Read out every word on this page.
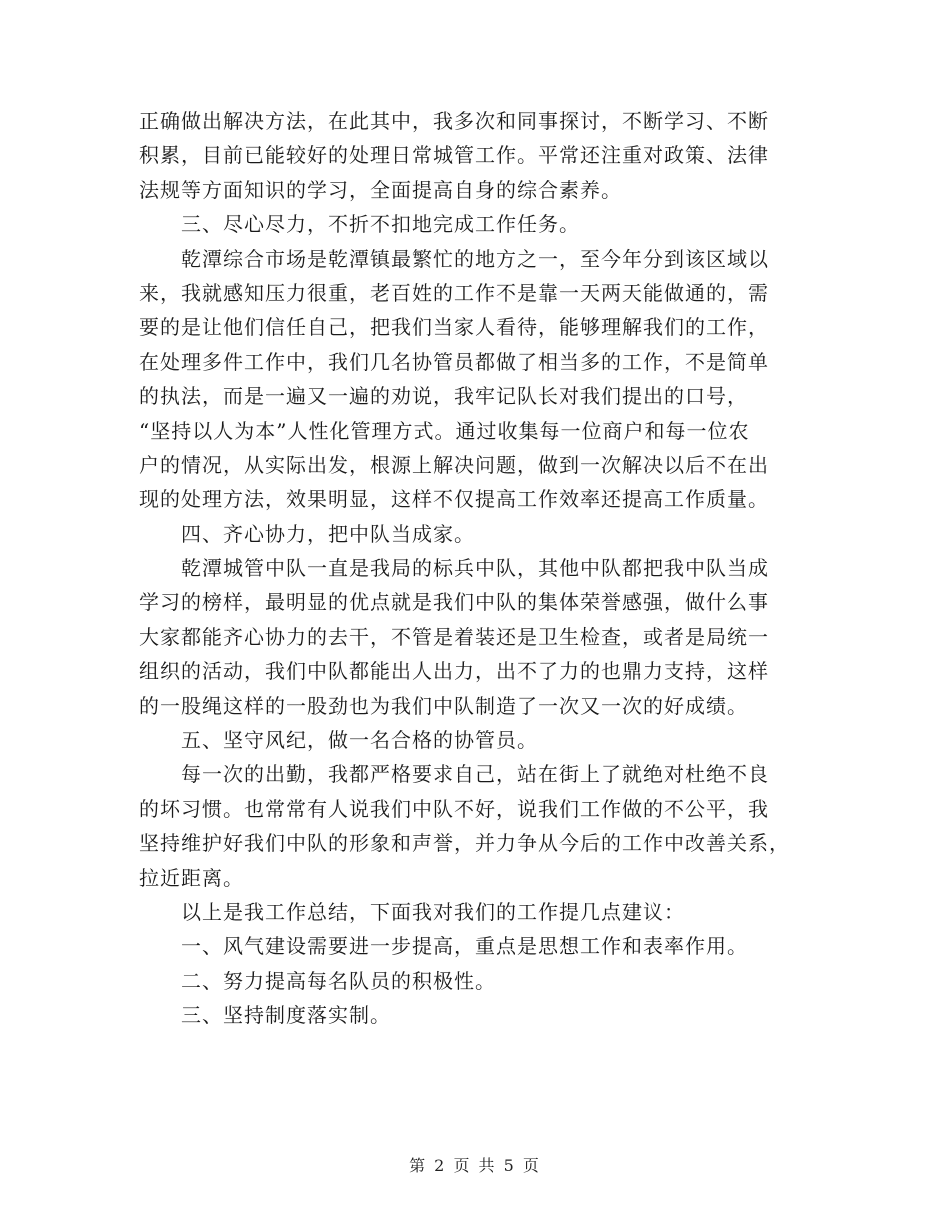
正确做出解决方法，在此其中，我多次和同事探讨，不断学习、不断

积累，目前已能较好的处理日常城管工作。平常还注重对政策、法律

法规等方面知识的学习，全面提高自身的综合素养。

三、尽心尽力，不折不扣地完成工作任务。

乾潭综合市场是乾潭镇最繁忙的地方之一，至今年分到该区域以

来，我就感知压力很重，老百姓的工作不是靠一天两天能做通的，需

要的是让他们信任自己，把我们当家人看待，能够理解我们的工作，

在处理多件工作中，我们几名协管员都做了相当多的工作，不是简单

的执法，而是一遍又一遍的劝说，我牢记队长对我们提出的口号，

“坚持以人为本”人性化管理方式。通过收集每一位商户和每一位农

户的情况，从实际出发，根源上解决问题，做到一次解决以后不在出

现的处理方法，效果明显，这样不仅提高工作效率还提高工作质量。

四、齐心协力，把中队当成家。

乾潭城管中队一直是我局的标兵中队，其他中队都把我中队当成

学习的榜样，最明显的优点就是我们中队的集体荣誉感强，做什么事

大家都能齐心协力的去干，不管是着装还是卫生检查，或者是局统一

组织的活动，我们中队都能出人出力，出不了力的也鼎力支持，这样

的一股绳这样的一股劲也为我们中队制造了一次又一次的好成绩。

五、坚守风纪，做一名合格的协管员。

每一次的出勤，我都严格要求自己，站在街上了就绝对杜绝不良

的坏习惯。也常常有人说我们中队不好，说我们工作做的不公平，我

坚持维护好我们中队的形象和声誉，并力争从今后的工作中改善关系，

拉近距离。

以上是我工作总结，下面我对我们的工作提几点建议：

一、风气建设需要进一步提高，重点是思想工作和表率作用。

二、努力提高每名队员的积极性。

三、坚持制度落实制。

第 2 页 共 5 页
